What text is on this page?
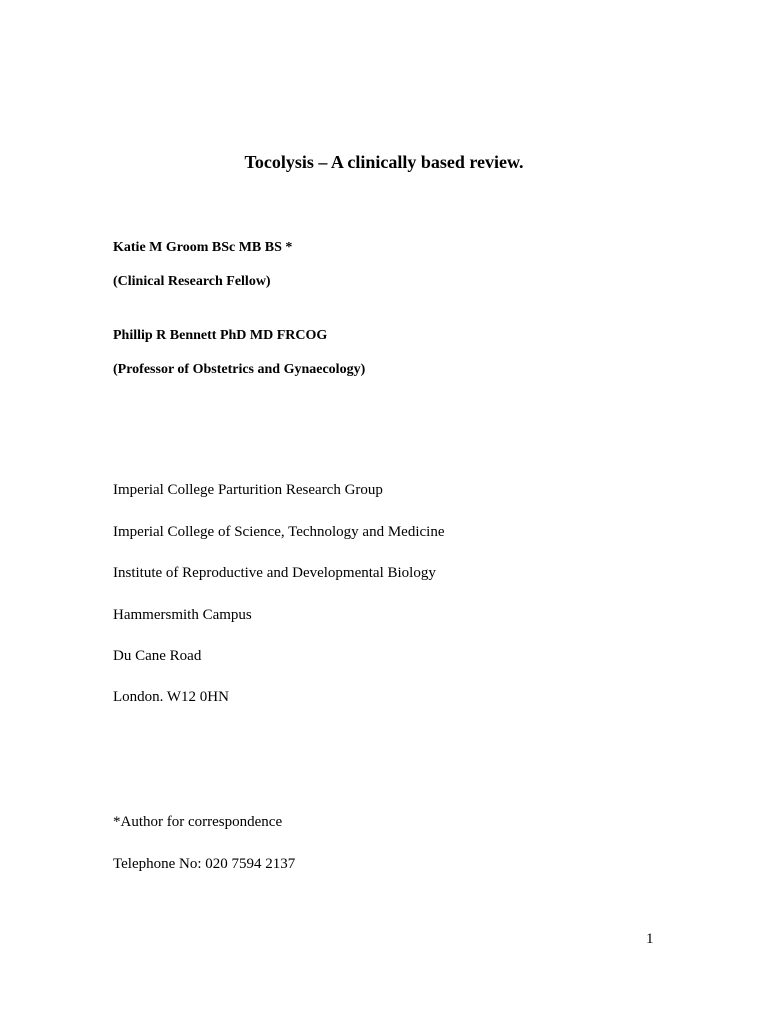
Tocolysis – A clinically based review.
Katie M Groom BSc MB BS *
(Clinical Research Fellow)
Phillip R Bennett PhD MD FRCOG
(Professor of Obstetrics and Gynaecology)
Imperial College Parturition Research Group
Imperial College of Science, Technology and Medicine
Institute of Reproductive and Developmental Biology
Hammersmith Campus
Du Cane Road
London. W12 0HN
*Author for correspondence
Telephone No: 020 7594 2137
1
